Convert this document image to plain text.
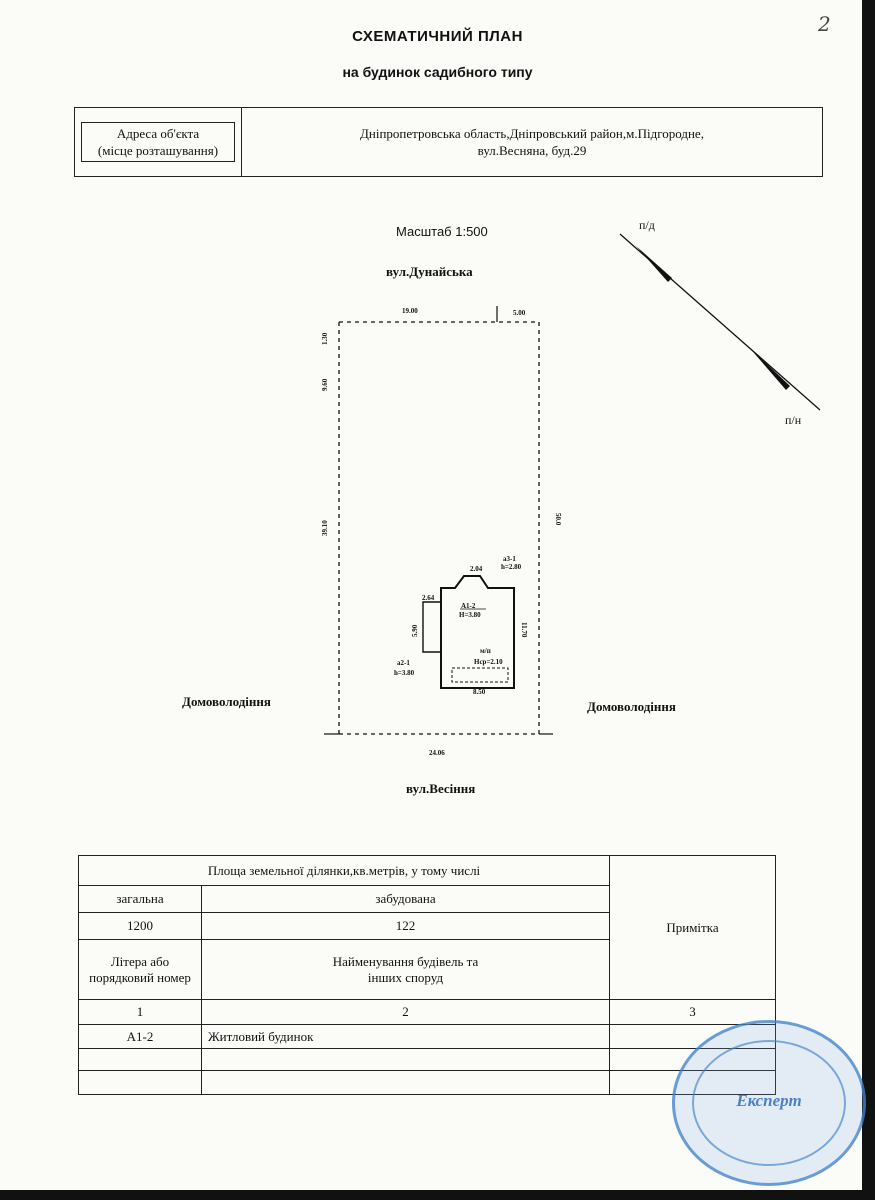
2
СХЕМАТИЧНИЙ ПЛАН
на будинок садибного типу
Адреса об'єкта
(місце розташування)

Дніпропетровська область,Дніпровський район,м.Підгородне,
вул.Весняна, буд.29
Масштаб 1:500
вул.Дунайська
вул.Весіння
Домоволодіння	Домоволодіння
п/д
п/н
19.00	5.00
1.30
9.60
39.10
50.0
24.06
2.04
2.64
5.90	11.70
8.50
а3-1
h=2.80
А1-2
Н=3.80
м/п
Нср=2.10
а2-1
h=3.80
Площа земельної ділянки,кв.метрів, у тому числі		Примітка
загальна	забудована	
1200	122	
Літера або порядковий номер	Найменування будівель та інших споруд	

1	2	3
А1-2	Житловий будинок	

Експерт
